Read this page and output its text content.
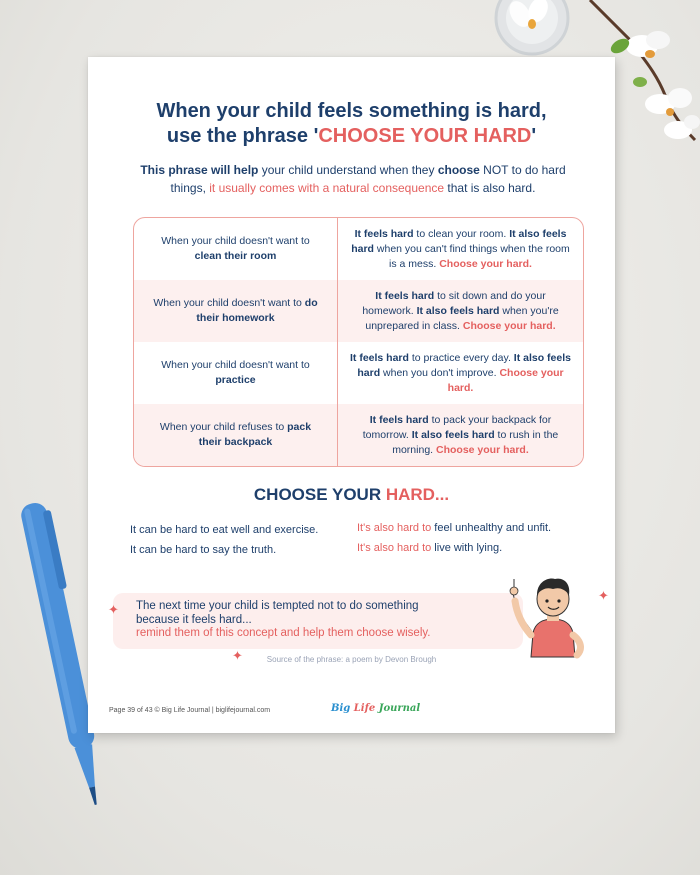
When your child feels something is hard,
use the phrase 'CHOOSE YOUR HARD'
This phrase will help your child understand when they choose NOT to do hard
things, it usually comes with a natural consequence that is also hard.
When your child doesn't want to clean their room
It feels hard to clean your room. It also feels hard when you can't find things when the room is a mess. Choose your hard.
When your child doesn't want to do their homework
It feels hard to sit down and do your homework. It also feels hard when you're unprepared in class. Choose your hard.
When your child doesn't want to practice
It feels hard to practice every day. It also feels hard when you don't improve. Choose your hard.
When your child refuses to pack their backpack
It feels hard to pack your backpack for tomorrow. It also feels hard to rush in the morning. Choose your hard.
CHOOSE YOUR HARD...
It can be hard to eat well and exercise.
It can be hard to say the truth.
It's also hard to feel unhealthy and unfit.
It's also hard to live with lying.
✦
✦
✦
The next time your child is tempted not to do something
because it feels hard...
remind them of this concept and help them choose wisely.
Source of the phrase: a poem by Devon Brough
Page 39 of 43 © Big Life Journal | biglifejournal.com	Big Life Journal
